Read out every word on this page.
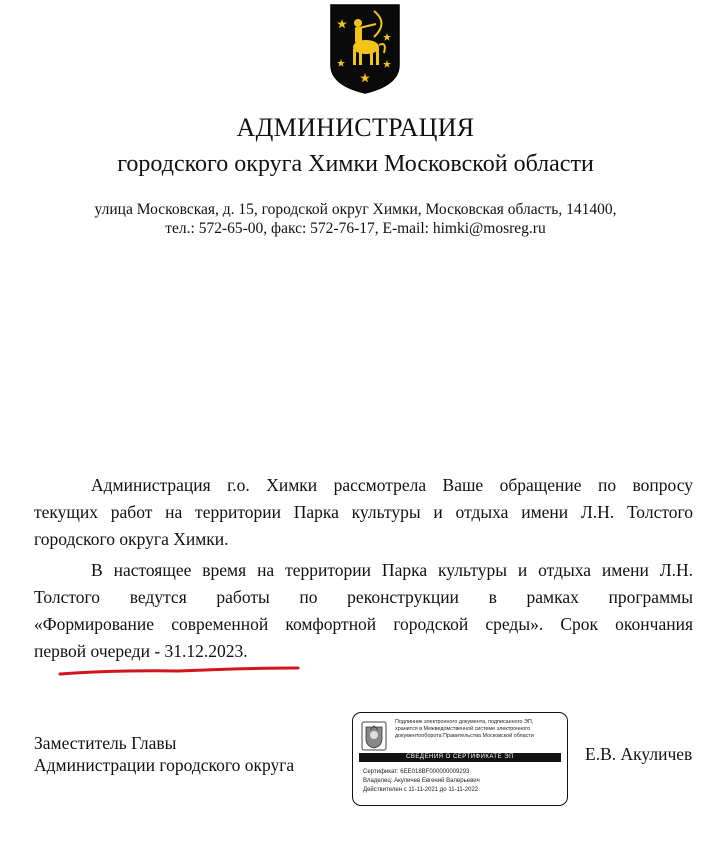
АДМИНИСТРАЦИЯ
городского округа Химки Московской области
улица Московская, д. 15, городской округ Химки, Московская область, 141400,
тел.: 572-65-00, факс: 572-76-17, E-mail: himki@mosreg.ru
Администрация г.о. Химки рассмотрела Ваше обращение по вопросу
текущих работ на территории Парка культуры и отдыха имени Л.Н. Толстого
городского округа Химки.
В настоящее время на территории Парка культуры и отдыха имени Л.Н.
Толстого ведутся работы по реконструкции в рамках программы
«Формирование современной комфортной городской среды». Срок окончания
первой очереди - 31.12.2023.
Заместитель Главы
Администрации городского округа
Е.В. Акуличев
Подлинник электронного документа, подписанного ЭП,
хранится в Межведомственной системе электронного
документооборота Правительства Московской области
СВЕДЕНИЯ О СЕРТИФИКАТЕ ЭП
Сертификат: 6EE018BF000000009293
Владелец: Акуличев Евгений Валерьевич
Действителен с 11-11-2021 до 11-11-2022
